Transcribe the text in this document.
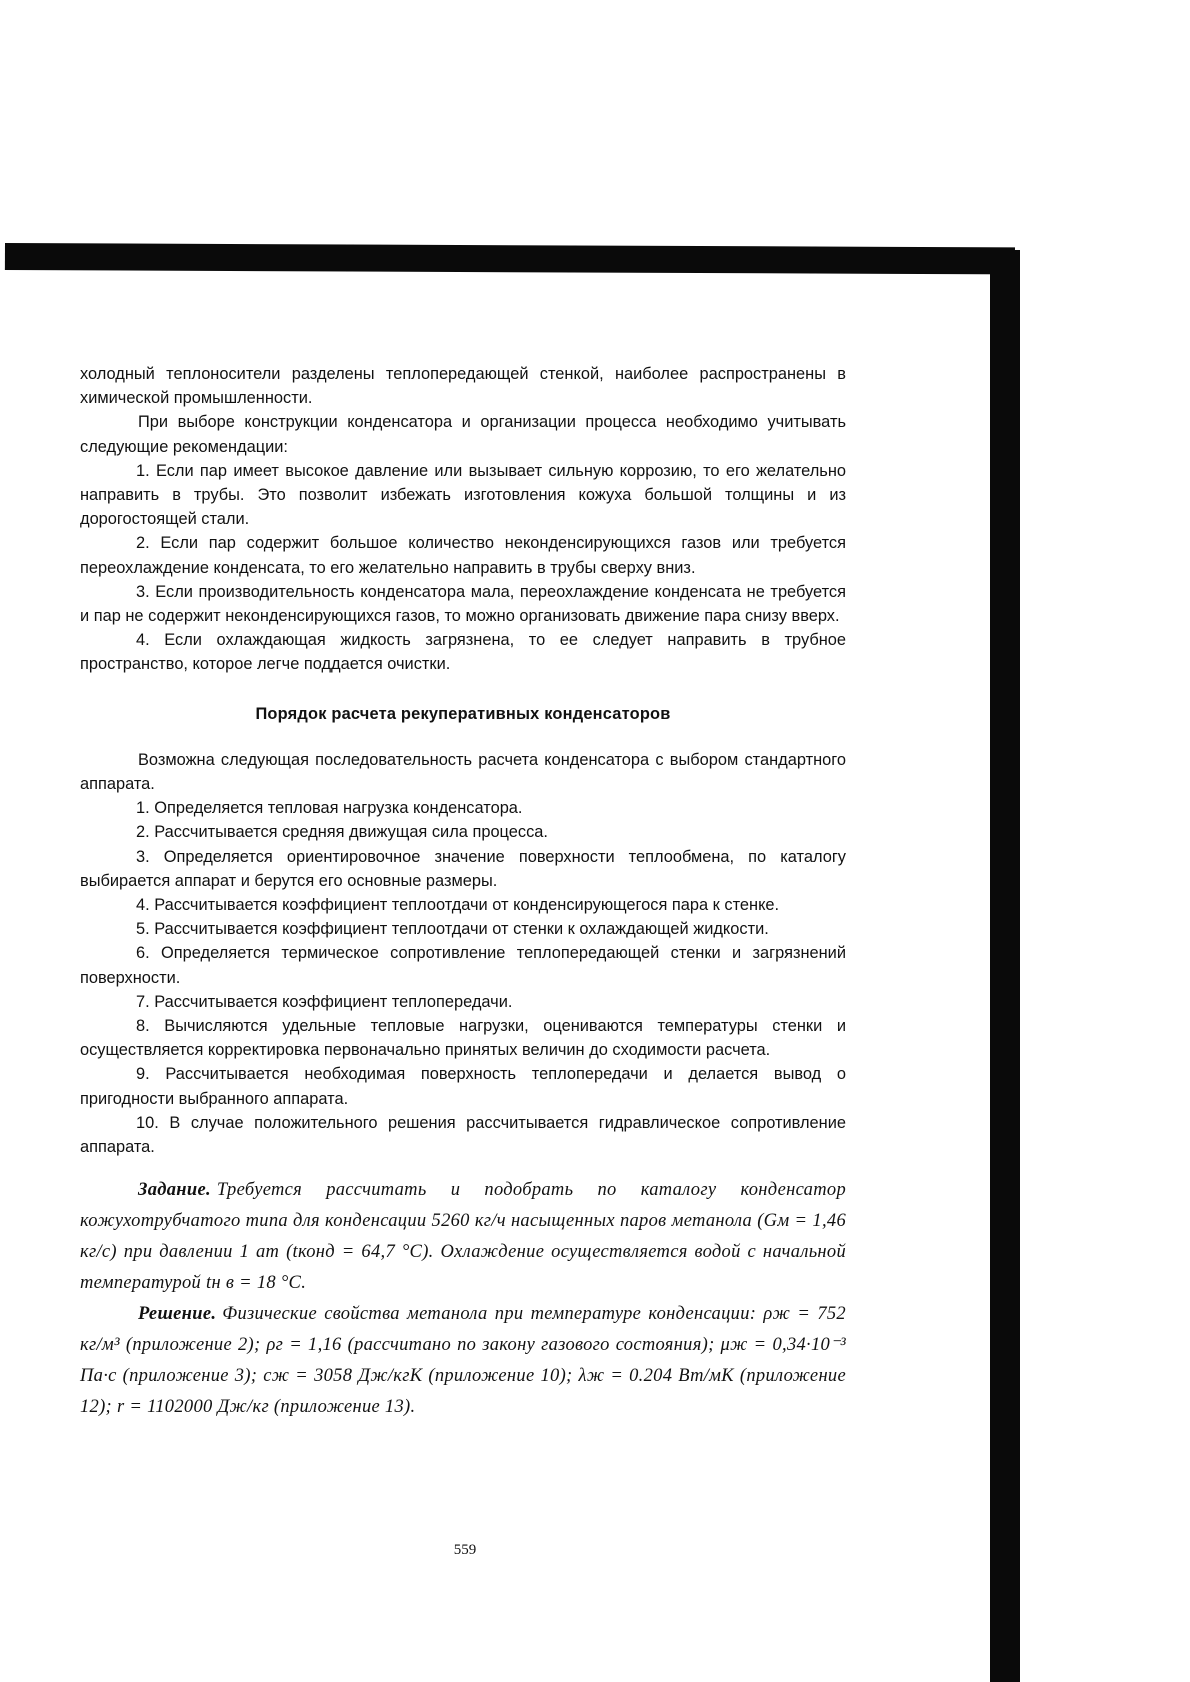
холодный теплоносители разделены теплопередающей стенкой, наиболее распространены в химической промышленности.

При выборе конструкции конденсатора и организации процесса необходимо учитывать следующие рекомендации:

1. Если пар имеет высокое давление или вызывает сильную коррозию, то его желательно направить в трубы. Это позволит избежать изготовления кожуха большой толщины и из дорогостоящей стали.

2. Если пар содержит большое количество неконденсирующихся газов или требуется переохлаждение конденсата, то его желательно направить в трубы сверху вниз.

3. Если производительность конденсатора мала, переохлаждение конденсата не требуется и пар не содержит неконденсирующихся газов, то можно организовать движение пара снизу вверх.

4. Если охлаждающая жидкость загрязнена, то ее следует направить в трубное пространство, которое легче поддается очистки.

Порядок расчета рекуперативных конденсаторов

Возможна следующая последовательность расчета конденсатора с выбором стандартного аппарата.

1. Определяется тепловая нагрузка конденсатора.

2. Рассчитывается средняя движущая сила процесса.

3. Определяется ориентировочное значение поверхности теплообмена, по каталогу выбирается аппарат и берутся его основные размеры.

4. Рассчитывается коэффициент теплоотдачи от конденсирующегося пара к стенке.

5. Рассчитывается коэффициент теплоотдачи от стенки к охлаждающей жидкости.

6. Определяется термическое сопротивление теплопередающей стенки и загрязнений поверхности.

7. Рассчитывается коэффициент теплопередачи.

8. Вычисляются удельные тепловые нагрузки, оцениваются температуры стенки и осуществляется корректировка первоначально принятых величин до сходимости расчета.

9. Рассчитывается необходимая поверхность теплопередачи и делается вывод о пригодности выбранного аппарата.

10. В случае положительного решения рассчитывается гидравлическое сопротивление аппарата.

Задание. Требуется рассчитать и подобрать по каталогу конденсатор кожухотрубчатого типа для конденсации 5260 кг/ч насыщенных паров метанола (Gм = 1,46 кг/с) при давлении 1 ат (tконд = 64,7 °C). Охлаждение осуществляется водой с начальной температурой tн в = 18 °C.

Решение. Физические свойства метанола при температуре конденсации: ρж = 752 кг/м³ (приложение 2); ρг = 1,16 (рассчитано по закону газового состояния); μж = 0,34·10⁻³ Па·с (приложение 3); cж = 3058 Дж/кгК (приложение 10); λж = 0.204 Вт/мК (приложение 12); r = 1102000 Дж/кг (приложение 13).

559
